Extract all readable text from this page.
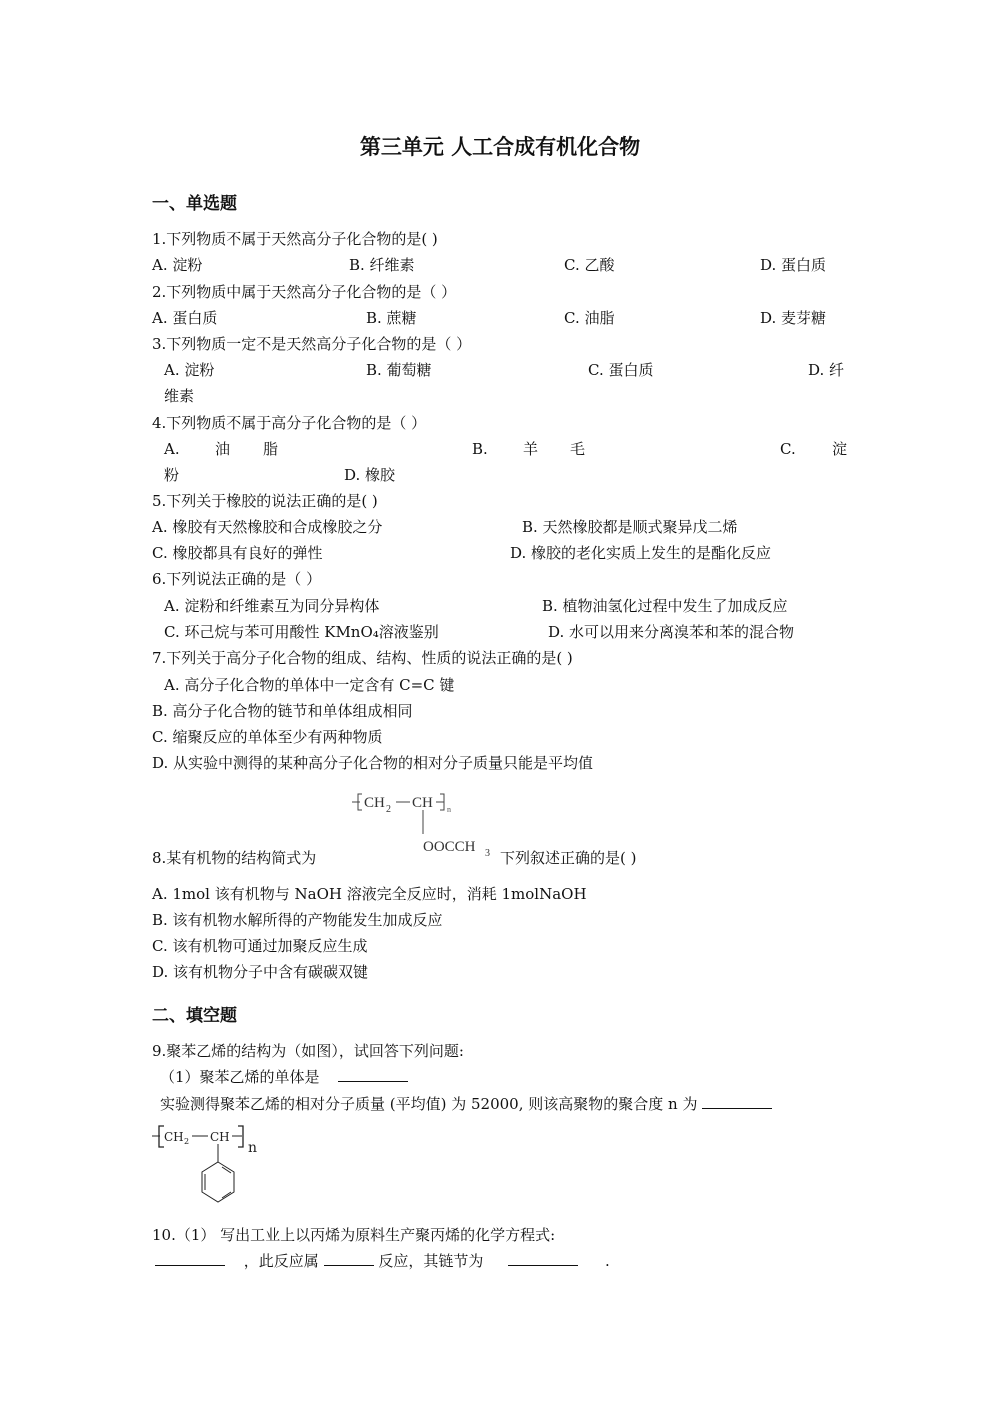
第三单元 人工合成有机化合物
一、单选题
1.下列物质不属于天然高分子化合物的是( )
A. 淀粉	B. 纤维素	C. 乙酸	D. 蛋白质
2.下列物质中属于天然高分子化合物的是（ ）
A. 蛋白质	B. 蔗糖	C. 油脂	D. 麦芽糖
3.下列物质一定不是天然高分子化合物的是（ ）
A. 淀粉	B. 葡萄糖	C. 蛋白质	D. 纤
维素
4.下列物质不属于高分子化合物的是（ ）
A. 油 脂	B. 羊 毛	C. 淀
粉	D. 橡胶
5.下列关于橡胶的说法正确的是( )
A. 橡胶有天然橡胶和合成橡胶之分	B. 天然橡胶都是顺式聚异戊二烯
C. 橡胶都具有良好的弹性	D. 橡胶的老化实质上发生的是酯化反应
6.下列说法正确的是（ ）
A. 淀粉和纤维素互为同分异构体	B. 植物油氢化过程中发生了加成反应
C. 环己烷与苯可用酸性 KMnO₄溶液鉴别	D. 水可以用来分离溴苯和苯的混合物
7.下列关于高分子化合物的组成、结构、性质的说法正确的是( )
A. 高分子化合物的单体中一定含有 C=C 键
B. 高分子化合物的链节和单体组成相同
C. 缩聚反应的单体至少有两种物质
D. 从实验中测得的某种高分子化合物的相对分子质量只能是平均值
CH 2 CH n
OOCCH 3
8.某有机物的结构简式为	下列叙述正确的是( )
A. 1mol 该有机物与 NaOH 溶液完全反应时，消耗 1molNaOH
B. 该有机物水解所得的产物能发生加成反应
C. 该有机物可通过加聚反应生成
D. 该有机物分子中含有碳碳双键
二、填空题
9.聚苯乙烯的结构为（如图），试回答下列问题:
（1）聚苯乙烯的单体是
实验测得聚苯乙烯的相对分子质量 (平均值) 为 52000, 则该高聚物的聚合度 n 为
CH 2 CH
n
10.（1） 写出工业上以丙烯为原料生产聚丙烯的化学方程式:
，此反应属	反应，其链节为	.
